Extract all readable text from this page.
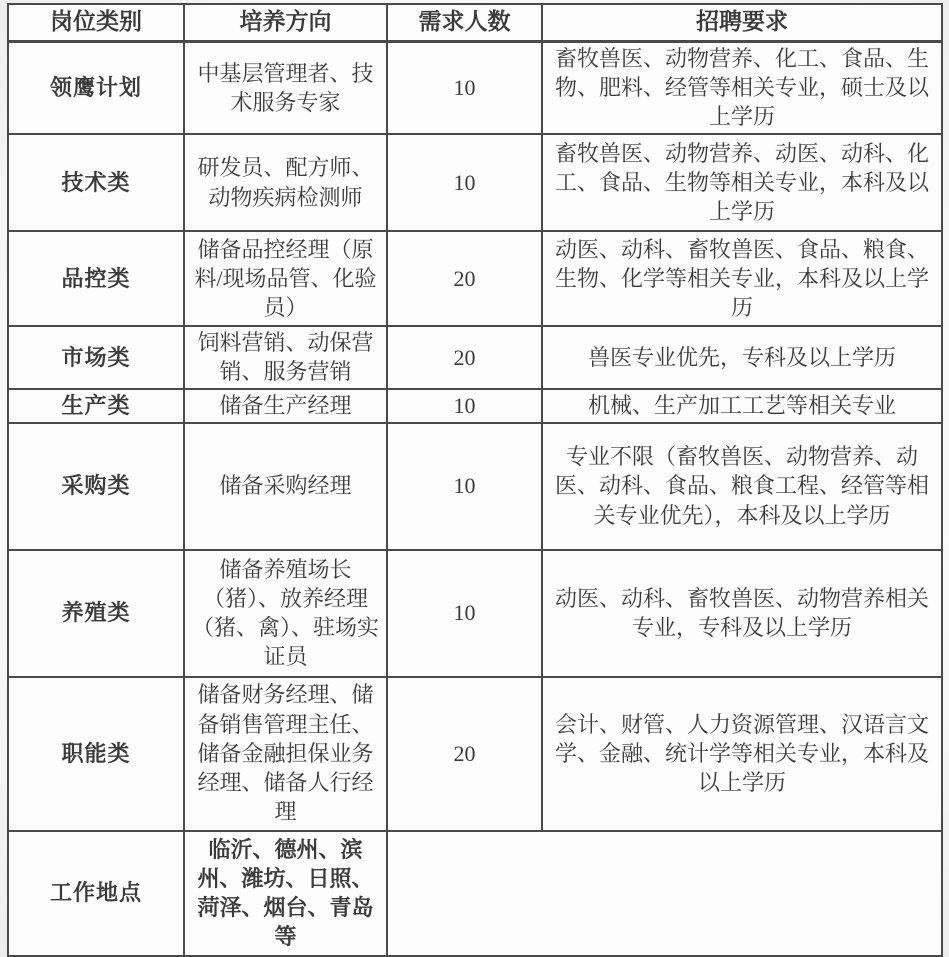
岗位类别	培养方向	需求人数	招聘要求
领鹰计划	中基层管理者、技术服务专家	10	畜牧兽医、动物营养、化工、食品、生物、肥料、经管等相关专业，硕士及以上学历
技术类	研发员、配方师、动物疾病检测师	10	畜牧兽医、动物营养、动医、动科、化工、食品、生物等相关专业，本科及以上学历
品控类	储备品控经理（原料/现场品管、化验员）	20	动医、动科、畜牧兽医、食品、粮食、生物、化学等相关专业，本科及以上学历
市场类	饲料营销、动保营销、服务营销	20	兽医专业优先，专科及以上学历
生产类	储备生产经理	10	机械、生产加工工艺等相关专业
采购类	储备采购经理	10	专业不限（畜牧兽医、动物营养、动医、动科、食品、粮食工程、经管等相关专业优先），本科及以上学历
养殖类	储备养殖场长（猪）、放养经理（猪、禽）、驻场实证员	10	动医、动科、畜牧兽医、动物营养相关专业，专科及以上学历
职能类	储备财务经理、储备销售管理主任、储备金融担保业务经理、储备人行经理	20	会计、财管、人力资源管理、汉语言文学、金融、统计学等相关专业，本科及以上学历
工作地点	临沂、德州、滨州、潍坊、日照、菏泽、烟台、青岛等		
